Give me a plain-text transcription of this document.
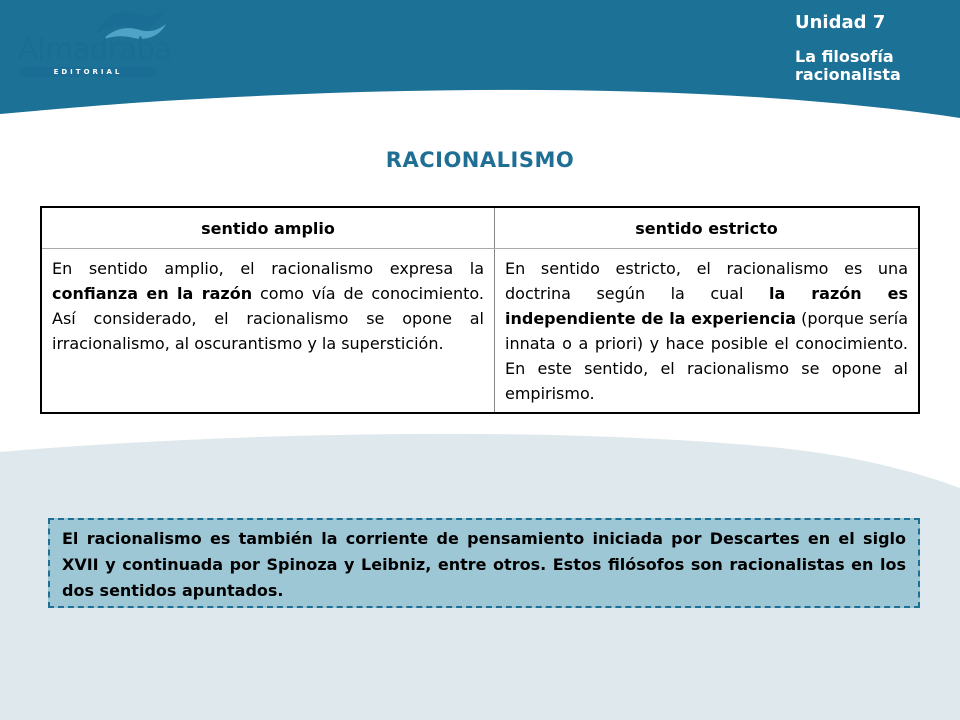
Almadraba
EDITORIAL
Unidad 7
La filosofía racionalista
RACIONALISMO
sentido amplio	sentido estricto
En sentido amplio, el racionalismo expresa la confianza en la razón como vía de conocimiento. Así considerado, el racionalismo se opone al irracionalismo, al oscurantismo y la superstición.	En sentido estricto, el racionalismo es una doctrina según la cual la razón es independiente de la experiencia (porque sería innata o a priori) y hace posible el conocimiento. En este sentido, el racionalismo se opone al empirismo.

El racionalismo es también la corriente de pensamiento iniciada por Descartes en el siglo XVII y continuada por Spinoza y Leibniz, entre otros. Estos filósofos son racionalistas en los dos sentidos apuntados.
